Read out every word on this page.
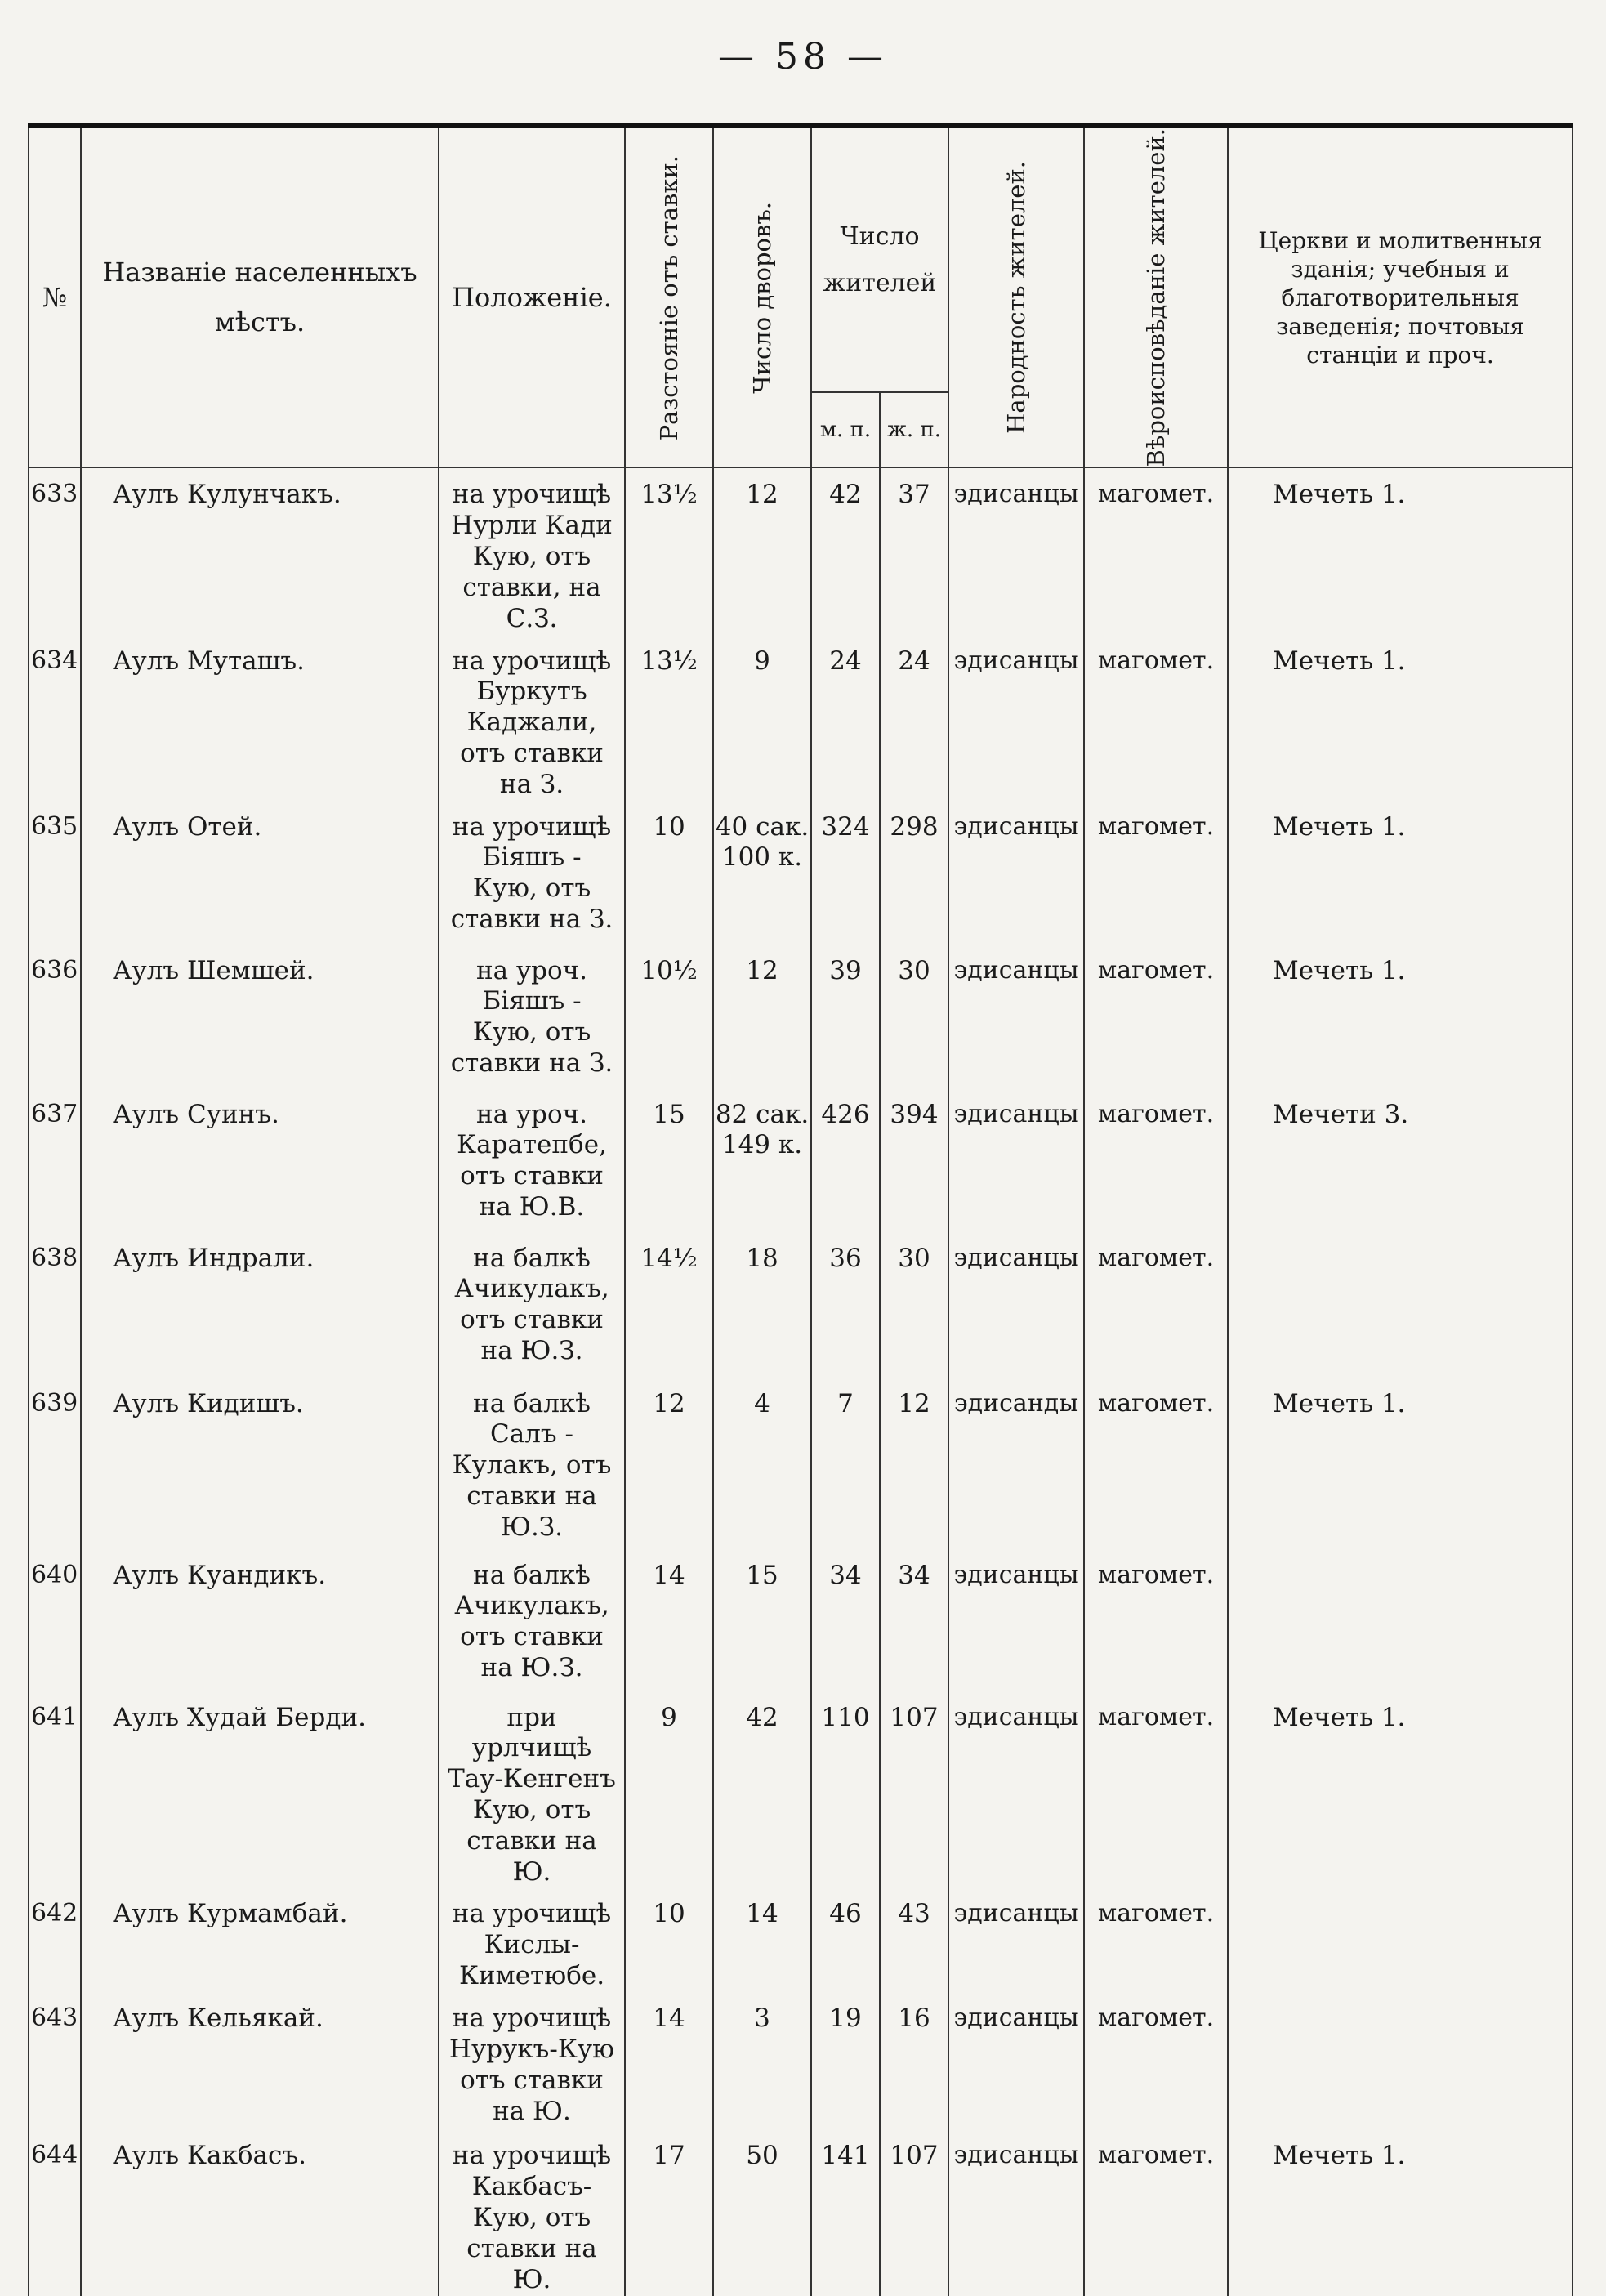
— 58 —
№	Названіе населенныхъ мѣстъ.	Положеніе.	Разстояніе отъ ставки.	Число дворовъ.	Число жителей		Народность жителей.	Вѣроисповѣданіе жителей.	Церкви и молитвенныя зданія; учебныя и благотворительныя заведенія; почтовыя станціи и проч.
					м. п.	ж. п.			
633	Аулъ Кулунчакъ.	на урочищѣ Нурли Кади Кую, отъ ставки, на С.З.	13½	12	42	37	эдисанцы	магомет.	Мечеть 1.
634	Аулъ Муташъ.	на урочищѣ Буркутъ Каджали, отъ ставки на З.	13½	9	24	24	эдисанцы	магомет.	Мечеть 1.
635	Аулъ Отей.	на урочищѣ Біяшъ - Кую, отъ ставки на З.	10	40 сак. 100 к.	324	298	эдисанцы	магомет.	Мечеть 1.
636	Аулъ Шемшей.	на уроч. Біяшъ - Кую, отъ ставки на З.	10½	12	39	30	эдисанцы	магомет.	Мечеть 1.
637	Аулъ Суинъ.	на уроч. Каратепбе, отъ ставки на Ю.В.	15	82 сак. 149 к.	426	394	эдисанцы	магомет.	Мечети 3.
638	Аулъ Индрали.	на балкѣ Ачикулакъ, отъ ставки на Ю.З.	14½	18	36	30	эдисанцы	магомет.	
639	Аулъ Кидишъ.	на балкѣ Салъ - Кулакъ, отъ ставки на Ю.З.	12	4	7	12	эдисанды	магомет.	Мечеть 1.
640	Аулъ Куандикъ.	на балкѣ Ачикулакъ, отъ ставки на Ю.З.	14	15	34	34	эдисанцы	магомет.	
641	Аулъ Худай Берди.	при урлчищѣ Тау-Кенгенъ Кую, отъ ставки на Ю.	9	42	110	107	эдисанцы	магомет.	Мечеть 1.
642	Аулъ Курмамбай.	на урочищѣ Кислы-Киметюбе.	10	14	46	43	эдисанцы	магомет.	
643	Аулъ Кельякай.	на урочищѣ Нурукъ-Кую отъ ставки на Ю.	14	3	19	16	эдисанцы	магомет.	
644	Аулъ Какбасъ.	на урочищѣ Какбасъ-Кую, отъ ставки на Ю.	17	50	141	107	эдисанцы	магомет.	Мечеть 1.
